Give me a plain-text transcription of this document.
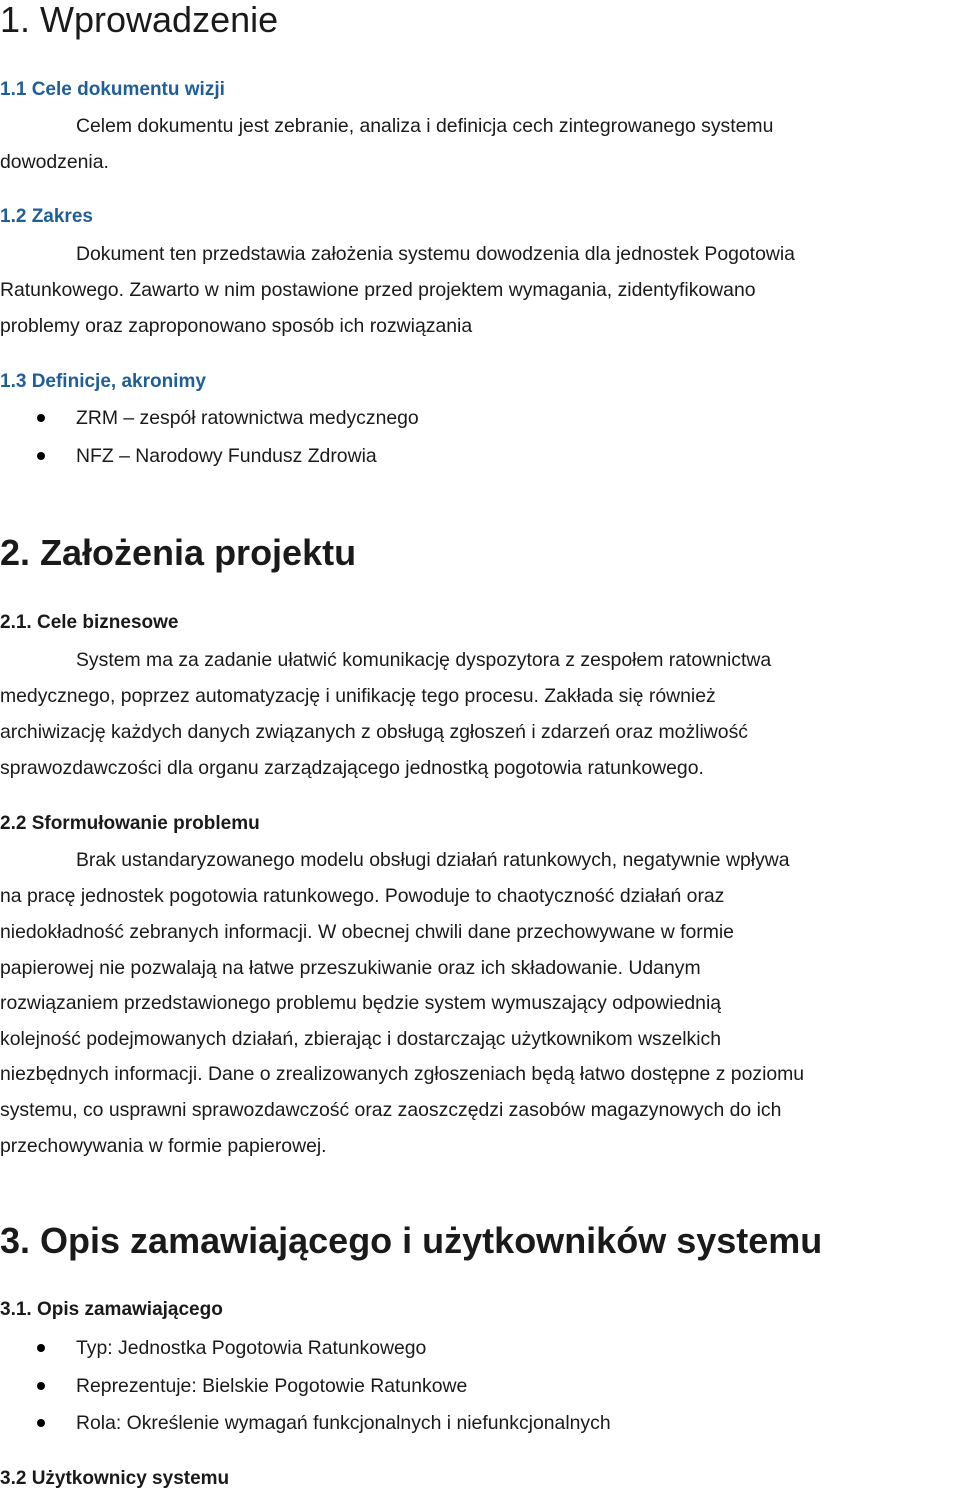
1. Wprowadzenie
1.1 Cele dokumentu wizji

Celem dokumentu jest zebranie, analiza i definicja cech zintegrowanego systemu

dowodzenia.

1.2 Zakres

Dokument ten przedstawia założenia systemu dowodzenia dla jednostek Pogotowia

Ratunkowego. Zawarto w nim postawione przed projektem wymagania, zidentyfikowano

problemy oraz zaproponowano sposób ich rozwiązania

1.3 Definicje, akronimy
ZRM – zespół ratownictwa medycznego
NFZ – Narodowy Fundusz Zdrowia
2. Założenia projektu
2.1. Cele biznesowe

System ma za zadanie ułatwić komunikację dyspozytora z zespołem ratownictwa

medycznego, poprzez automatyzację i unifikację tego procesu. Zakłada się również

archiwizację każdych danych związanych z obsługą zgłoszeń i zdarzeń oraz możliwość

sprawozdawczości dla organu zarządzającego jednostką pogotowia ratunkowego.

2.2 Sformułowanie problemu

Brak ustandaryzowanego modelu obsługi działań ratunkowych, negatywnie wpływa

na pracę jednostek pogotowia ratunkowego. Powoduje to chaotyczność działań oraz

niedokładność zebranych informacji. W obecnej chwili dane przechowywane w formie

papierowej nie pozwalają na łatwe przeszukiwanie oraz ich składowanie. Udanym

rozwiązaniem przedstawionego problemu będzie system wymuszający odpowiednią

kolejność podejmowanych działań, zbierając i dostarczając użytkownikom wszelkich

niezbędnych informacji. Dane o zrealizowanych zgłoszeniach będą łatwo dostępne z poziomu

systemu, co usprawni sprawozdawczość oraz zaoszczędzi zasobów magazynowych do ich

przechowywania w formie papierowej.

3. Opis zamawiającego i użytkowników systemu
3.1. Opis zamawiającego
Typ: Jednostka Pogotowia Ratunkowego
Reprezentuje: Bielskie Pogotowie Ratunkowe
Rola: Określenie wymagań funkcjonalnych i niefunkcjonalnych
3.2 Użytkownicy systemu
